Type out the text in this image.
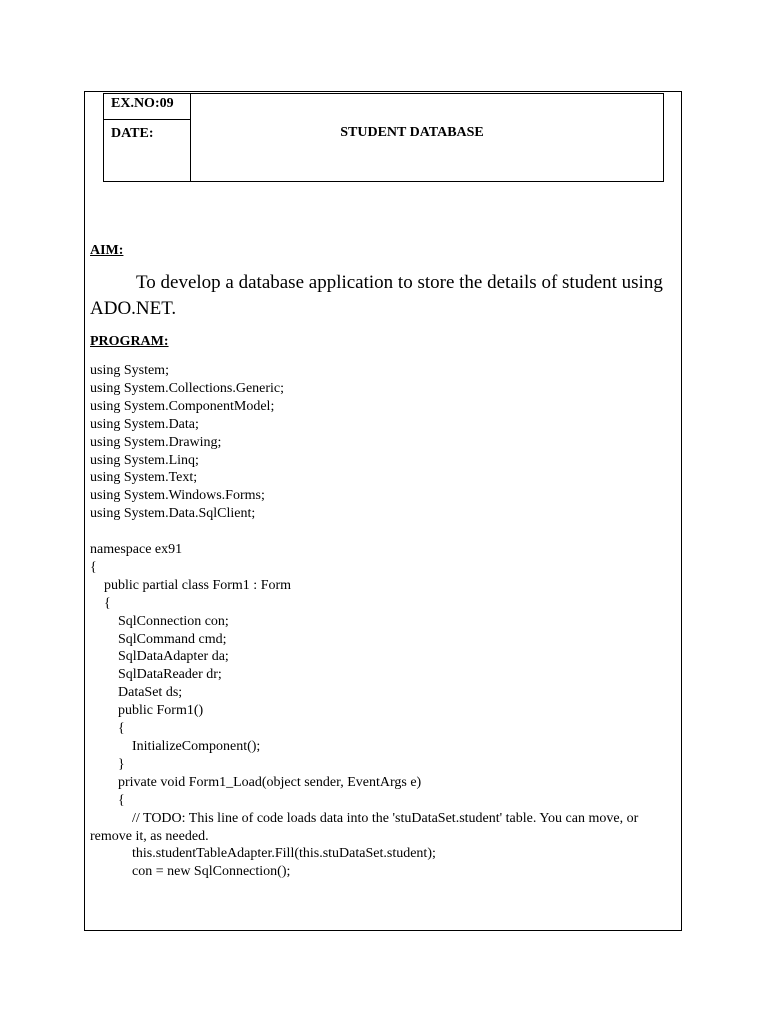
EX.NO:09
DATE:	STUDENT DATABASE
AIM:
To develop a database application to store the details of student using ADO.NET.
PROGRAM:
using System;
using System.Collections.Generic;
using System.ComponentModel;
using System.Data;
using System.Drawing;
using System.Linq;
using System.Text;
using System.Windows.Forms;
using System.Data.SqlClient;
namespace ex91
{
public partial class Form1 : Form
{
SqlConnection con;
SqlCommand cmd;
SqlDataAdapter da;
SqlDataReader dr;
DataSet ds;
public Form1()
{
InitializeComponent();
}
private void Form1_Load(object sender, EventArgs e)
{
// TODO: This line of code loads data into the 'stuDataSet.student' table. You can move, or remove it, as needed.
this.studentTableAdapter.Fill(this.stuDataSet.student);
con = new SqlConnection();
